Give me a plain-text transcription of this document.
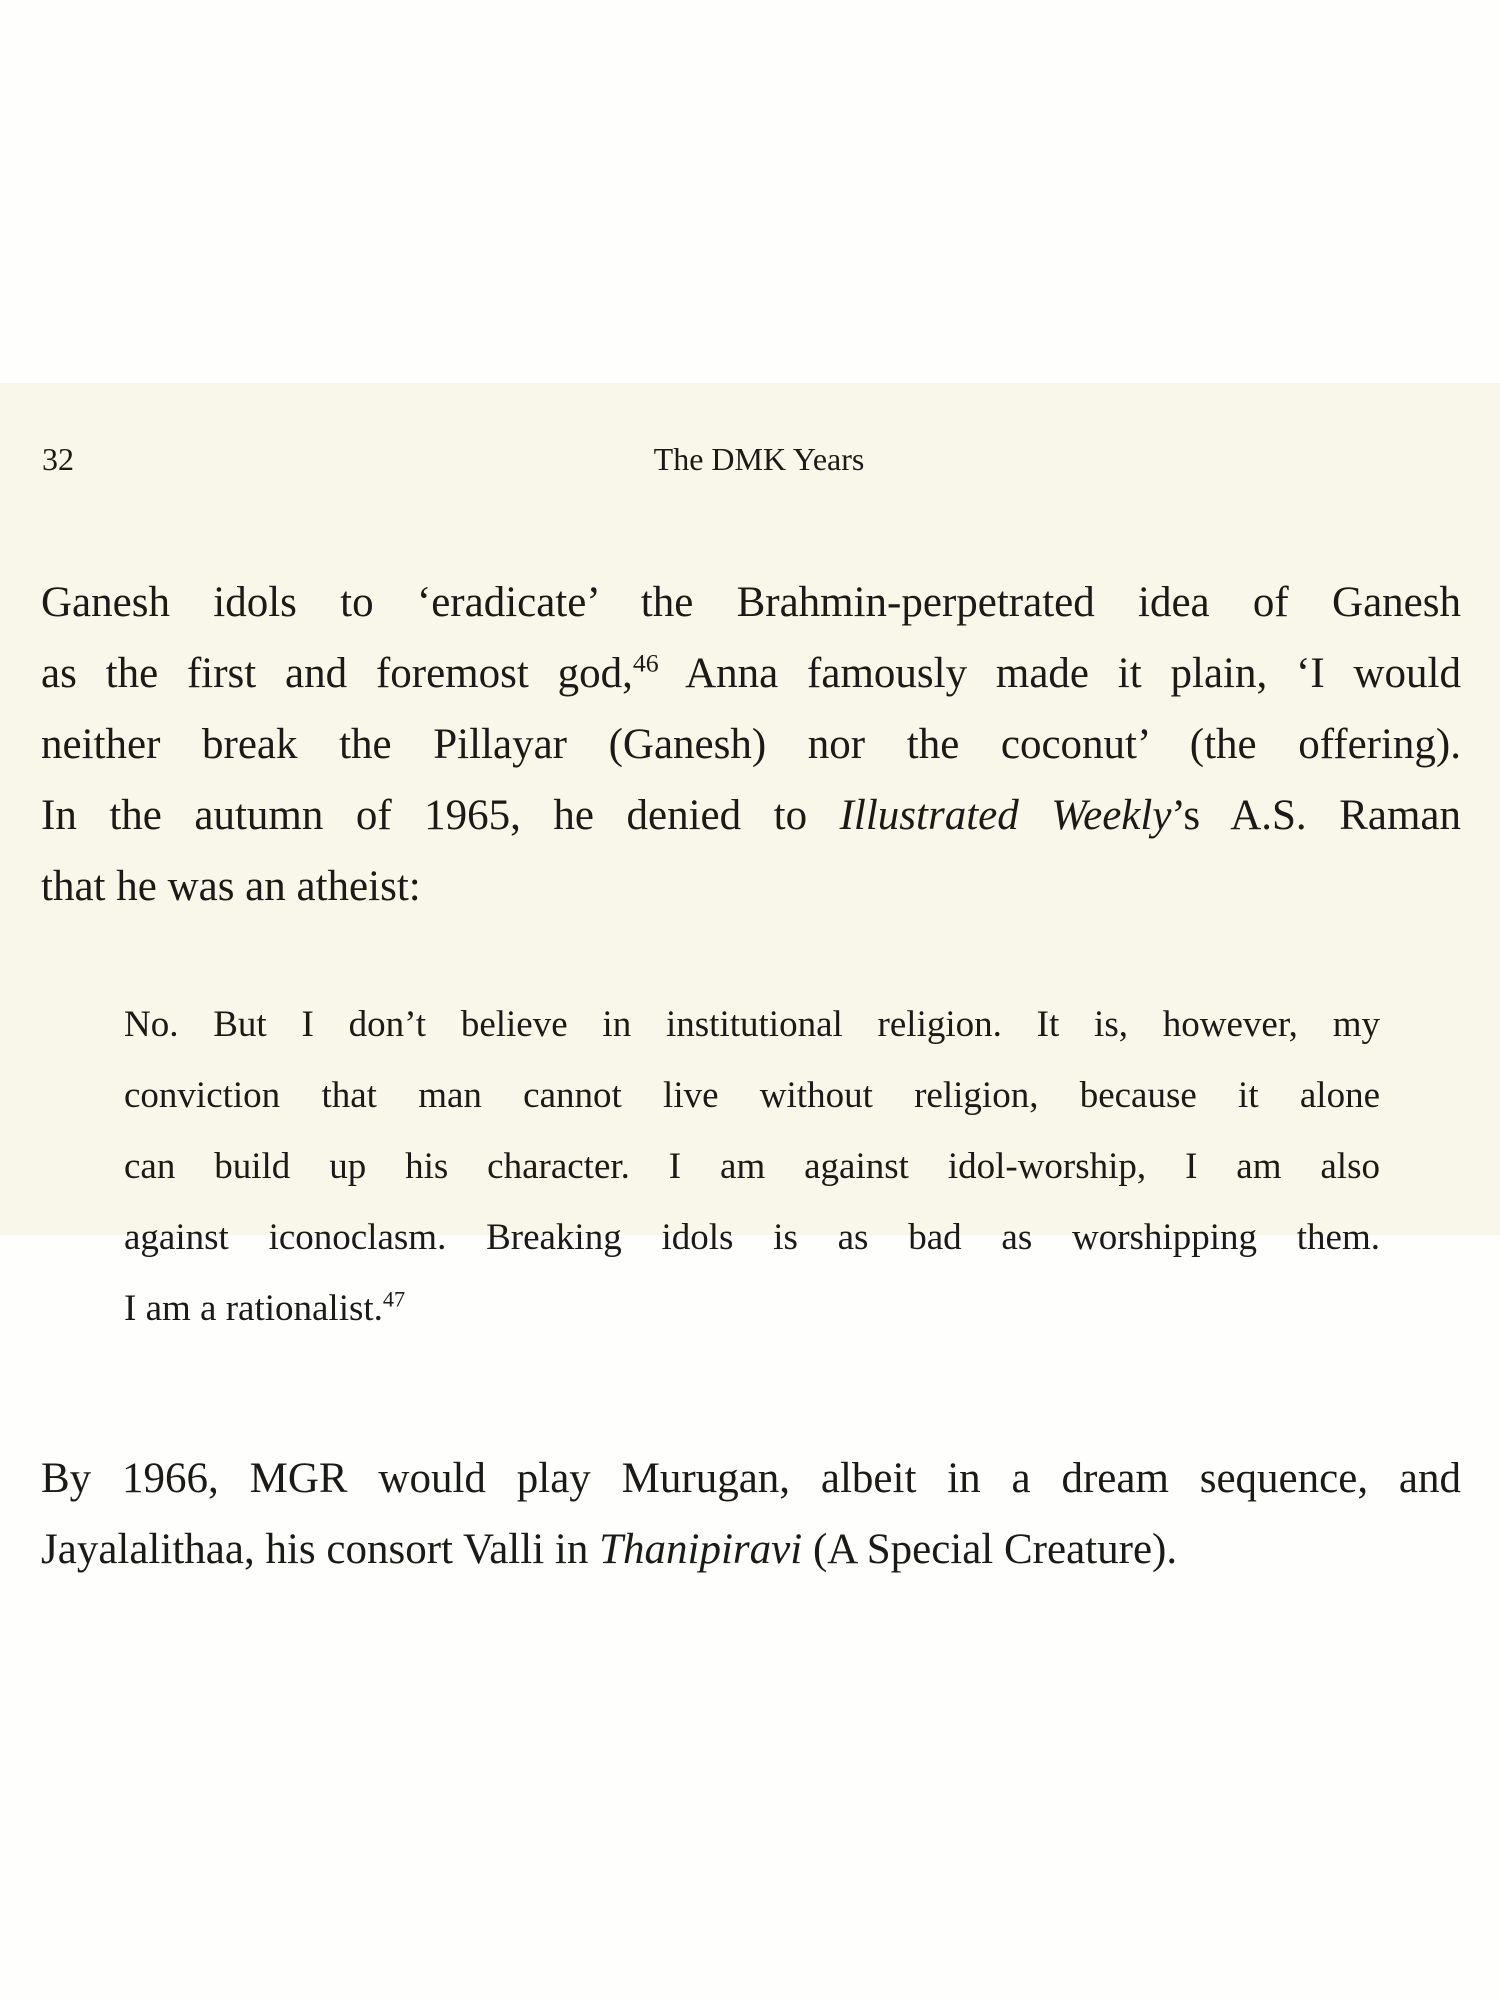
32	The DMK Years
Ganesh idols to ‘eradicate’ the Brahmin-perpetrated idea of Ganesh
as the first and foremost god,$^{46}$ Anna famously made it plain, ‘I would
neither break the Pillayar (Ganesh) nor the coconut’ (the offering).
In the autumn of 1965, he denied to Illustrated Weekly’s A.S. Raman
that he was an atheist:
No. But I don’t believe in institutional religion. It is, however, my
conviction that man cannot live without religion, because it alone
can build up his character. I am against idol-worship, I am also
against iconoclasm. Breaking idols is as bad as worshipping them.
I am a rationalist.$^{47}$
By 1966, MGR would play Murugan, albeit in a dream sequence, and
Jayalalithaa, his consort Valli in Thanipiravi (A Special Creature).
